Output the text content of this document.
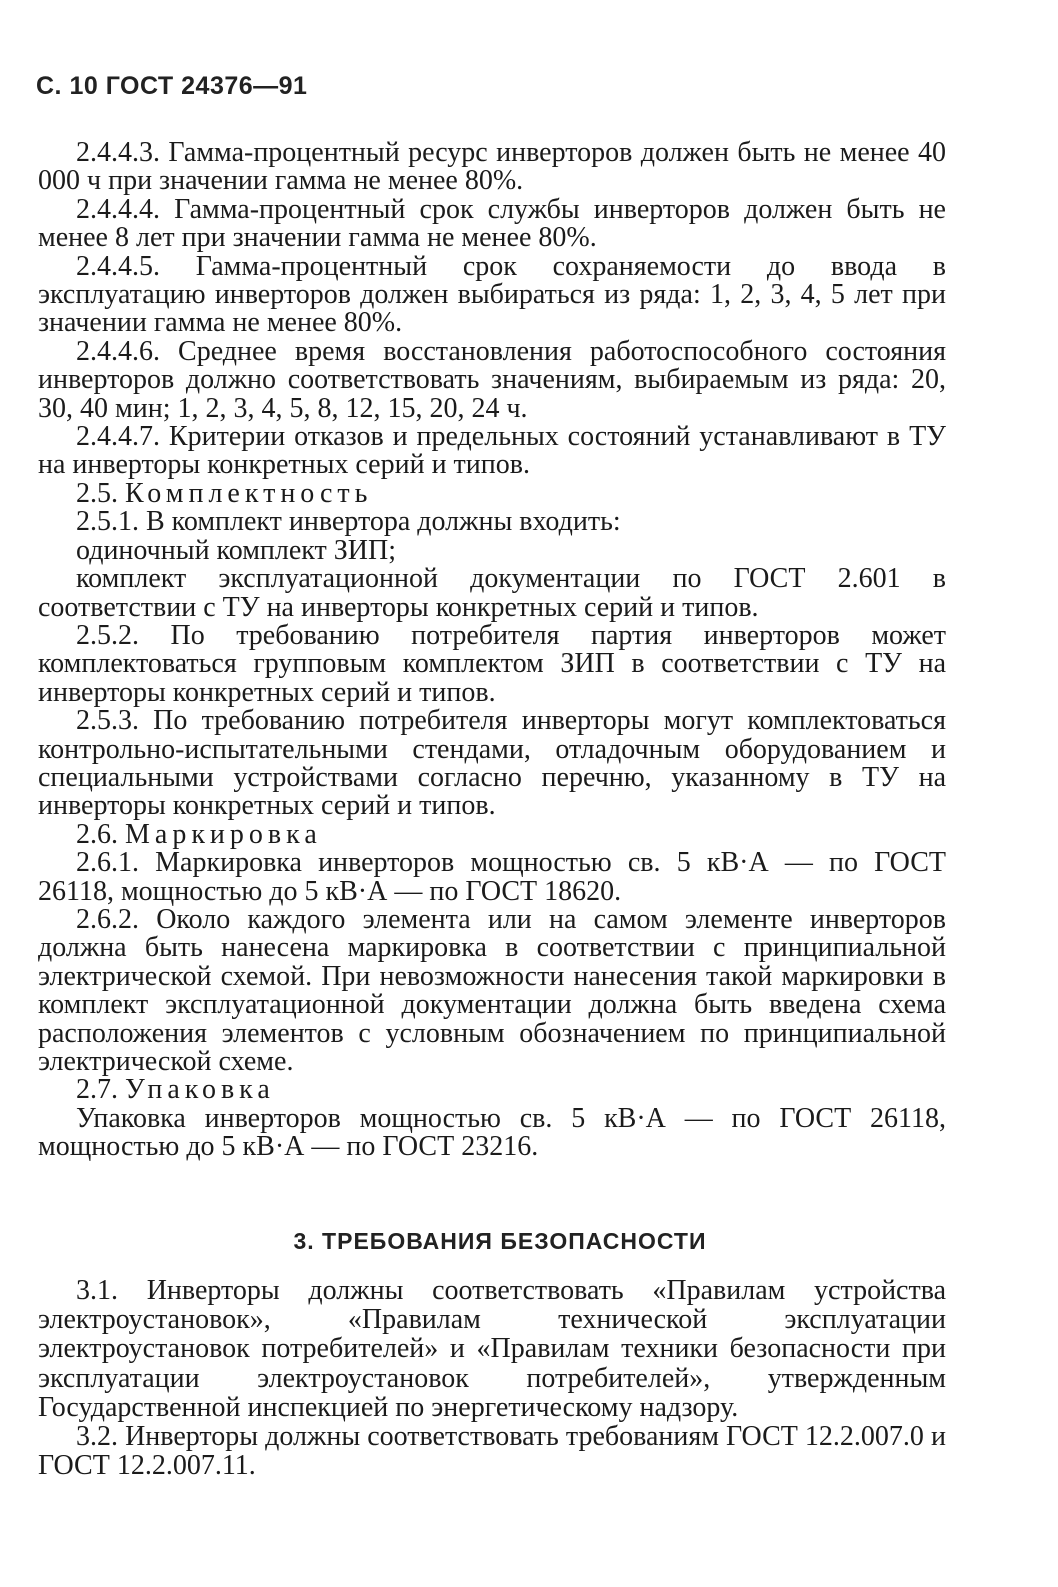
С. 10 ГОСТ 24376—91

2.4.4.3. Гамма-процентный ресурс инверторов должен быть не менее 40 000 ч при значении гамма не менее 80%.

2.4.4.4. Гамма-процентный срок службы инверторов должен быть не менее 8 лет при значении гамма не менее 80%.

2.4.4.5. Гамма-процентный срок сохраняемости до ввода в эксплуатацию инверторов должен выбираться из ряда: 1, 2, 3, 4, 5 лет при значении гамма не менее 80%.

2.4.4.6. Среднее время восстановления работоспособного состояния инверторов должно соответствовать значениям, выбираемым из ряда: 20, 30, 40 мин; 1, 2, 3, 4, 5, 8, 12, 15, 20, 24 ч.

2.4.4.7. Критерии отказов и предельных состояний устанавливают в ТУ на инверторы конкретных серий и типов.

2.5. Комплектность

2.5.1. В комплект инвертора должны входить:

одиночный комплект ЗИП;

комплект эксплуатационной документации по ГОСТ 2.601 в соответствии с ТУ на инверторы конкретных серий и типов.

2.5.2. По требованию потребителя партия инверторов может комплектоваться групповым комплектом ЗИП в соответствии с ТУ на инверторы конкретных серий и типов.

2.5.3. По требованию потребителя инверторы могут комплектоваться контрольно-испытательными стендами, отладочным оборудованием и специальными устройствами согласно перечню, указанному в ТУ на инверторы конкретных серий и типов.

2.6. Маркировка

2.6.1. Маркировка инверторов мощностью св. 5 кВ·А — по ГОСТ 26118, мощностью до 5 кВ·А — по ГОСТ 18620.

2.6.2. Около каждого элемента или на самом элементе инверторов должна быть нанесена маркировка в соответствии с принципиальной электрической схемой. При невозможности нанесения такой маркировки в комплект эксплуатационной документации должна быть введена схема расположения элементов с условным обозначением по принципиальной электрической схеме.

2.7. Упаковка

Упаковка инверторов мощностью св. 5 кВ·А — по ГОСТ 26118, мощностью до 5 кВ·А — по ГОСТ 23216.

3. ТРЕБОВАНИЯ БЕЗОПАСНОСТИ

3.1. Инверторы должны соответствовать «Правилам устройства электроустановок», «Правилам технической эксплуатации электроустановок потребителей» и «Правилам техники безопасности при эксплуатации электроустановок потребителей», утвержденным Государственной инспекцией по энергетическому надзору.

3.2. Инверторы должны соответствовать требованиям ГОСТ 12.2.007.0 и ГОСТ 12.2.007.11.
